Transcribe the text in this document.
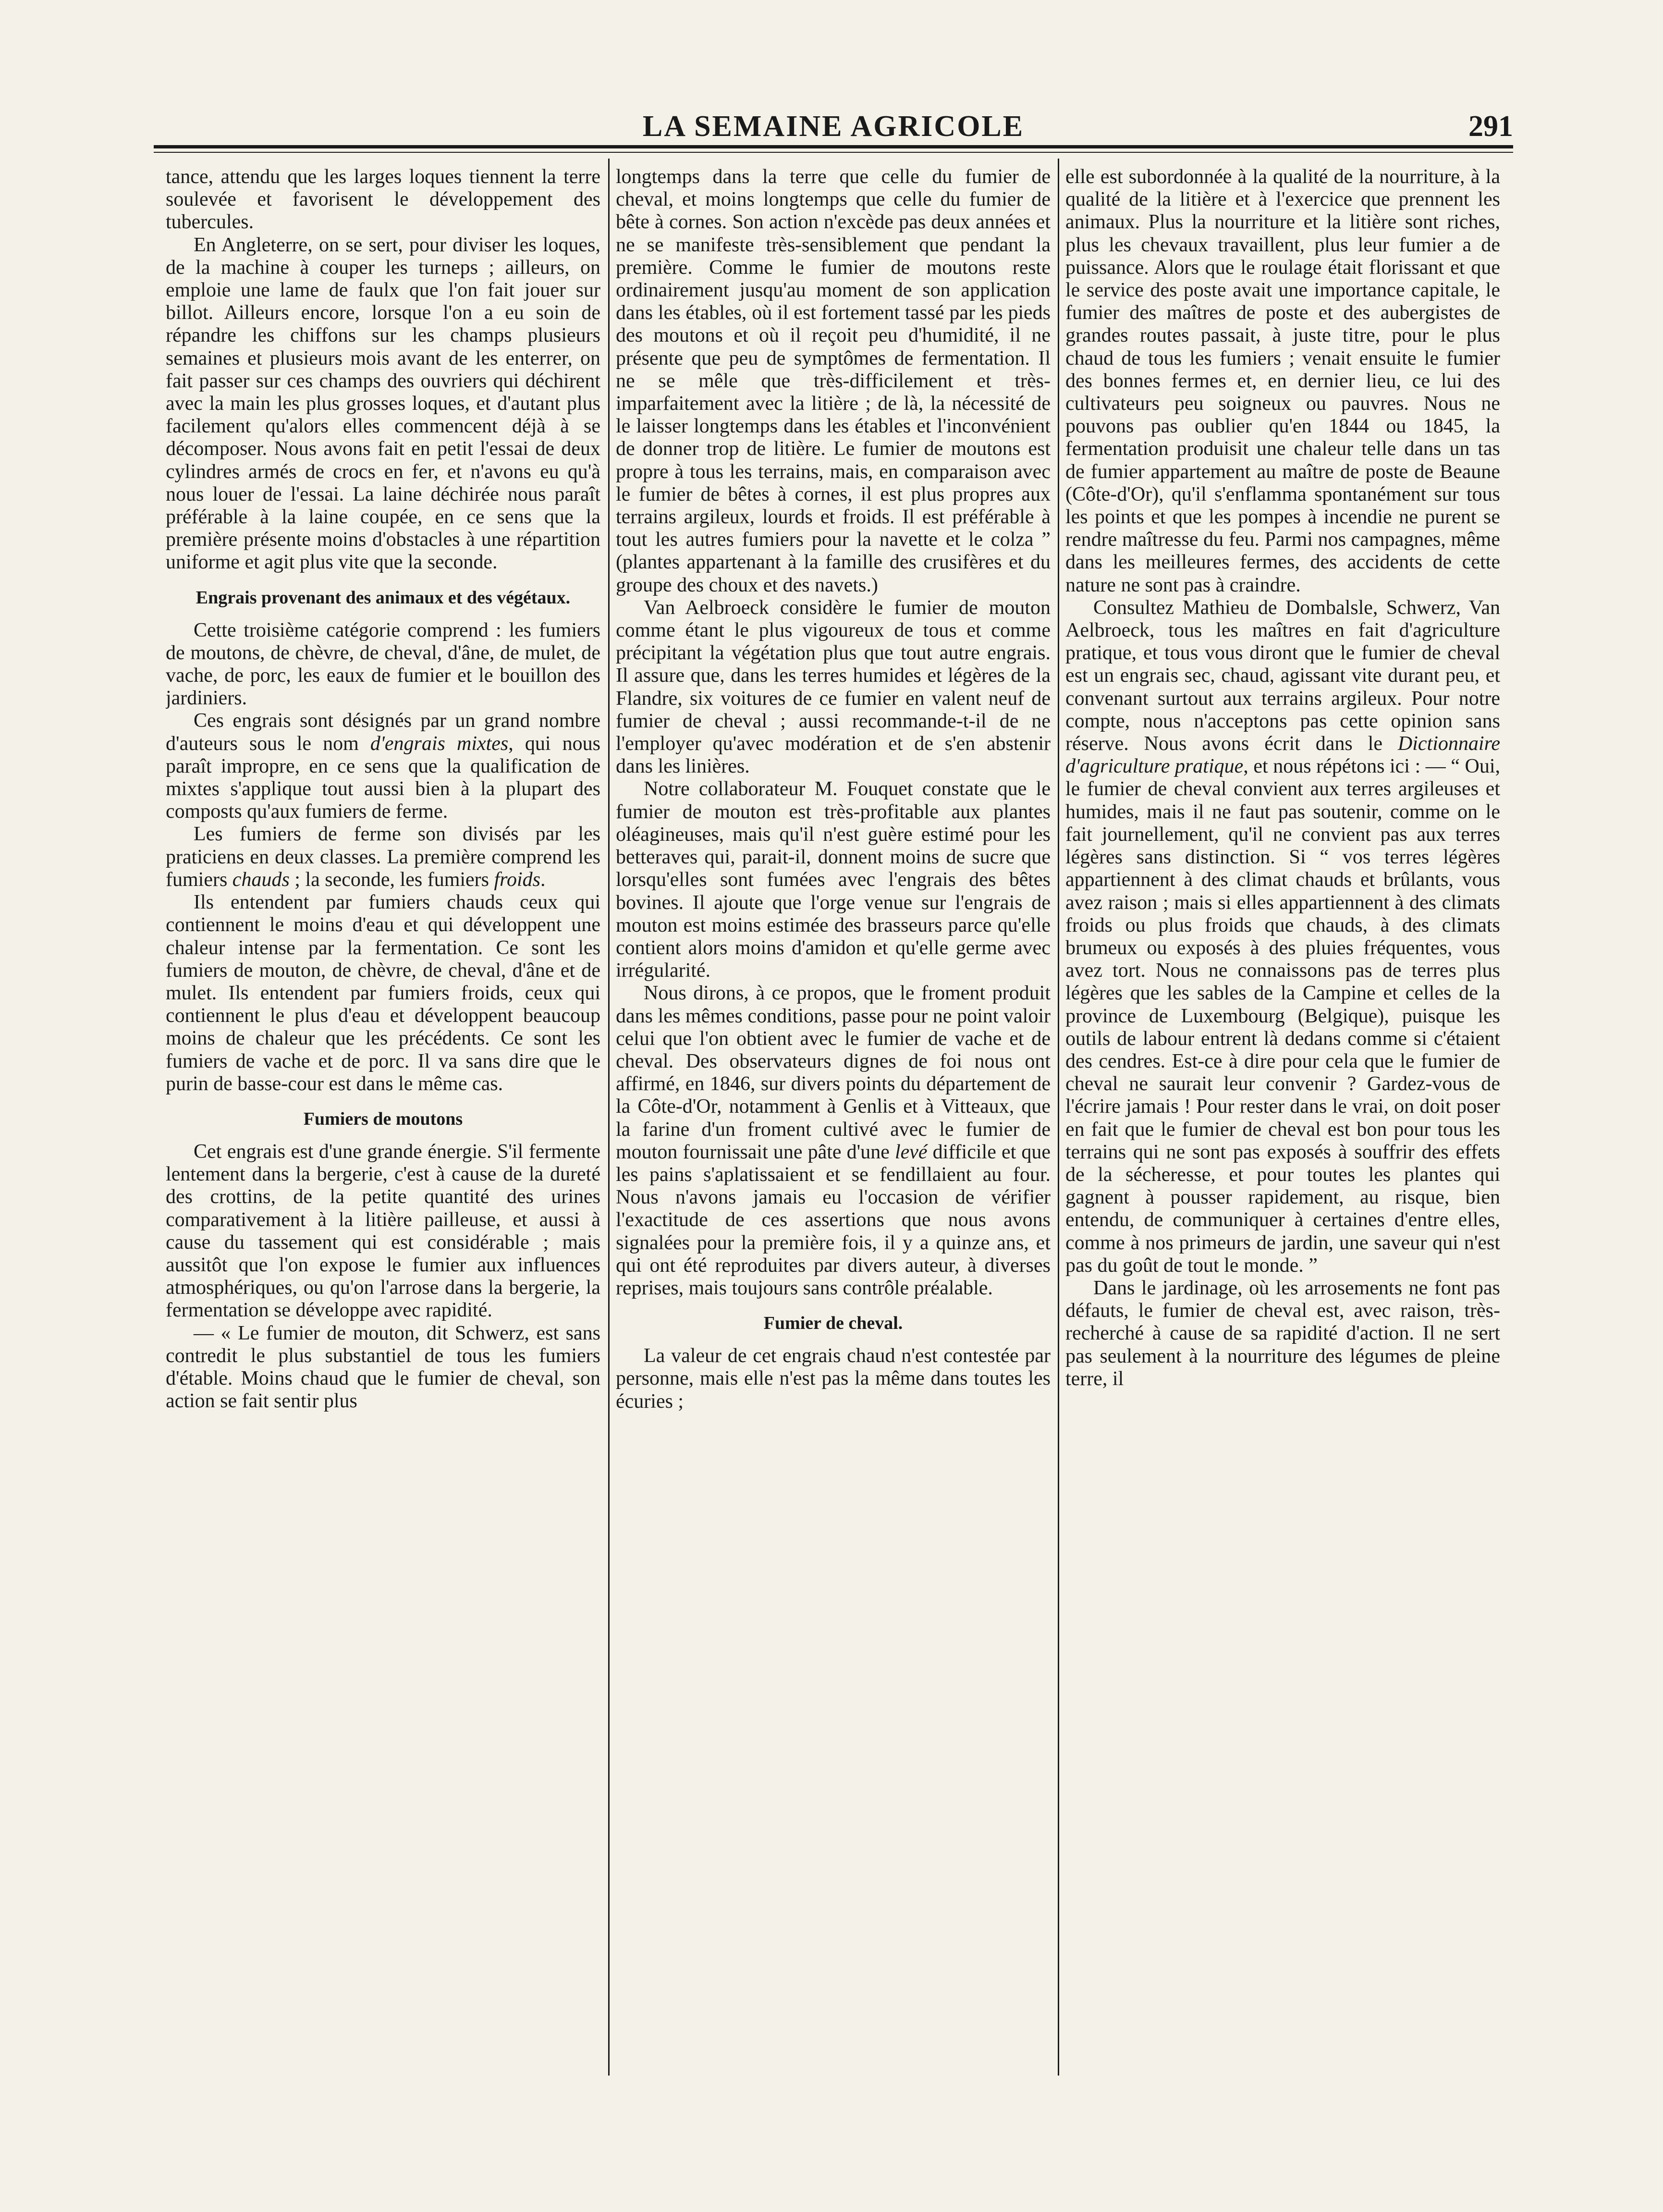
LA SEMAINE AGRICOLE	291

tance, attendu que les larges loques tiennent la terre soulevée et favorisent le développement des tubercules.

En Angleterre, on se sert, pour diviser les loques, de la machine à couper les turneps ; ailleurs, on emploie une lame de faulx que l'on fait jouer sur billot. Ailleurs encore, lorsque l'on a eu soin de répandre les chiffons sur les champs plusieurs semaines et plusieurs mois avant de les enterrer, on fait passer sur ces champs des ouvriers qui déchirent avec la main les plus grosses loques, et d'autant plus facilement qu'alors elles commencent déjà à se décomposer. Nous avons fait en petit l'essai de deux cylindres armés de crocs en fer, et n'avons eu qu'à nous louer de l'essai. La laine déchirée nous paraît préférable à la laine coupée, en ce sens que la première présente moins d'obstacles à une répartition uniforme et agit plus vite que la seconde.

Engrais provenant des animaux et des végétaux.

Cette troisième catégorie comprend : les fumiers de moutons, de chèvre, de cheval, d'âne, de mulet, de vache, de porc, les eaux de fumier et le bouillon des jardiniers.

Ces engrais sont désignés par un grand nombre d'auteurs sous le nom d'engrais mixtes, qui nous paraît impropre, en ce sens que la qualification de mixtes s'applique tout aussi bien à la plupart des composts qu'aux fumiers de ferme.

Les fumiers de ferme son divisés par les praticiens en deux classes. La première comprend les fumiers chauds ; la seconde, les fumiers froids.

Ils entendent par fumiers chauds ceux qui contiennent le moins d'eau et qui développent une chaleur intense par la fermentation. Ce sont les fumiers de mouton, de chèvre, de cheval, d'âne et de mulet. Ils entendent par fumiers froids, ceux qui contiennent le plus d'eau et développent beaucoup moins de chaleur que les précédents. Ce sont les fumiers de vache et de porc. Il va sans dire que le purin de basse-cour est dans le même cas.

Fumiers de moutons

Cet engrais est d'une grande énergie. S'il fermente lentement dans la bergerie, c'est à cause de la dureté des crottins, de la petite quantité des urines comparativement à la litière pailleuse, et aussi à cause du tassement qui est considérable ; mais aussitôt que l'on expose le fumier aux influences atmosphériques, ou qu'on l'arrose dans la bergerie, la fermentation se développe avec rapidité.

— « Le fumier de mouton, dit Schwerz, est sans contredit le plus substantiel de tous les fumiers d'étable. Moins chaud que le fumier de cheval, son action se fait sentir plus

longtemps dans la terre que celle du fumier de cheval, et moins longtemps que celle du fumier de bête à cornes. Son action n'excède pas deux années et ne se manifeste très-sensiblement que pendant la première. Comme le fumier de moutons reste ordinairement jusqu'au moment de son application dans les étables, où il est fortement tassé par les pieds des moutons et où il reçoit peu d'humidité, il ne présente que peu de symptômes de fermentation. Il ne se mêle que très-difficilement et très-imparfaitement avec la litière ; de là, la nécessité de le laisser longtemps dans les étables et l'inconvénient de donner trop de litière. Le fumier de moutons est propre à tous les terrains, mais, en comparaison avec le fumier de bêtes à cornes, il est plus propres aux terrains argileux, lourds et froids. Il est préférable à tout les autres fumiers pour la navette et le colza ” (plantes appartenant à la famille des crusifères et du groupe des choux et des navets.)

Van Aelbroeck considère le fumier de mouton comme étant le plus vigoureux de tous et comme précipitant la végétation plus que tout autre engrais. Il assure que, dans les terres humides et légères de la Flandre, six voitures de ce fumier en valent neuf de fumier de cheval ; aussi recommande-t-il de ne l'employer qu'avec modération et de s'en abstenir dans les linières.

Notre collaborateur M. Fouquet constate que le fumier de mouton est très-profitable aux plantes oléagineuses, mais qu'il n'est guère estimé pour les betteraves qui, parait-il, donnent moins de sucre que lorsqu'elles sont fumées avec l'engrais des bêtes bovines. Il ajoute que l'orge venue sur l'engrais de mouton est moins estimée des brasseurs parce qu'elle contient alors moins d'amidon et qu'elle germe avec irrégularité.

Nous dirons, à ce propos, que le froment produit dans les mêmes conditions, passe pour ne point valoir celui que l'on obtient avec le fumier de vache et de cheval. Des observateurs dignes de foi nous ont affirmé, en 1846, sur divers points du département de la Côte-d'Or, notamment à Genlis et à Vitteaux, que la farine d'un froment cultivé avec le fumier de mouton fournissait une pâte d'une levé difficile et que les pains s'aplatissaient et se fendillaient au four. Nous n'avons jamais eu l'occasion de vérifier l'exactitude de ces assertions que nous avons signalées pour la première fois, il y a quinze ans, et qui ont été reproduites par divers auteur, à diverses reprises, mais toujours sans contrôle préalable.

Fumier de cheval.

La valeur de cet engrais chaud n'est contestée par personne, mais elle n'est pas la même dans toutes les écuries ;

elle est subordonnée à la qualité de la nourriture, à la qualité de la litière et à l'exercice que prennent les animaux. Plus la nourriture et la litière sont riches, plus les chevaux travaillent, plus leur fumier a de puissance. Alors que le roulage était florissant et que le service des poste avait une importance capitale, le fumier des maîtres de poste et des aubergistes de grandes routes passait, à juste titre, pour le plus chaud de tous les fumiers ; venait ensuite le fumier des bonnes fermes et, en dernier lieu, ce lui des cultivateurs peu soigneux ou pauvres. Nous ne pouvons pas oublier qu'en 1844 ou 1845, la fermentation produisit une chaleur telle dans un tas de fumier appartement au maître de poste de Beaune (Côte-d'Or), qu'il s'enflamma spontanément sur tous les points et que les pompes à incendie ne purent se rendre maîtresse du feu. Parmi nos campagnes, même dans les meilleures fermes, des accidents de cette nature ne sont pas à craindre.

Consultez Mathieu de Dombalsle, Schwerz, Van Aelbroeck, tous les maîtres en fait d'agriculture pratique, et tous vous diront que le fumier de cheval est un engrais sec, chaud, agissant vite durant peu, et convenant surtout aux terrains argileux. Pour notre compte, nous n'acceptons pas cette opinion sans réserve. Nous avons écrit dans le Dictionnaire d'agriculture pratique, et nous répétons ici : — “ Oui, le fumier de cheval convient aux terres argileuses et humides, mais il ne faut pas soutenir, comme on le fait journellement, qu'il ne convient pas aux terres légères sans distinction. Si “ vos terres légères appartiennent à des climat chauds et brûlants, vous avez raison ; mais si elles appartiennent à des climats froids ou plus froids que chauds, à des climats brumeux ou exposés à des pluies fréquentes, vous avez tort. Nous ne connaissons pas de terres plus légères que les sables de la Campine et celles de la province de Luxembourg (Belgique), puisque les outils de labour entrent là dedans comme si c'étaient des cendres. Est-ce à dire pour cela que le fumier de cheval ne saurait leur convenir ? Gardez-vous de l'écrire jamais ! Pour rester dans le vrai, on doit poser en fait que le fumier de cheval est bon pour tous les terrains qui ne sont pas exposés à souffrir des effets de la sécheresse, et pour toutes les plantes qui gagnent à pousser rapidement, au risque, bien entendu, de communiquer à certaines d'entre elles, comme à nos primeurs de jardin, une saveur qui n'est pas du goût de tout le monde. ”

Dans le jardinage, où les arrosements ne font pas défauts, le fumier de cheval est, avec raison, très-recherché à cause de sa rapidité d'action. Il ne sert pas seulement à la nourriture des légumes de pleine terre, il
